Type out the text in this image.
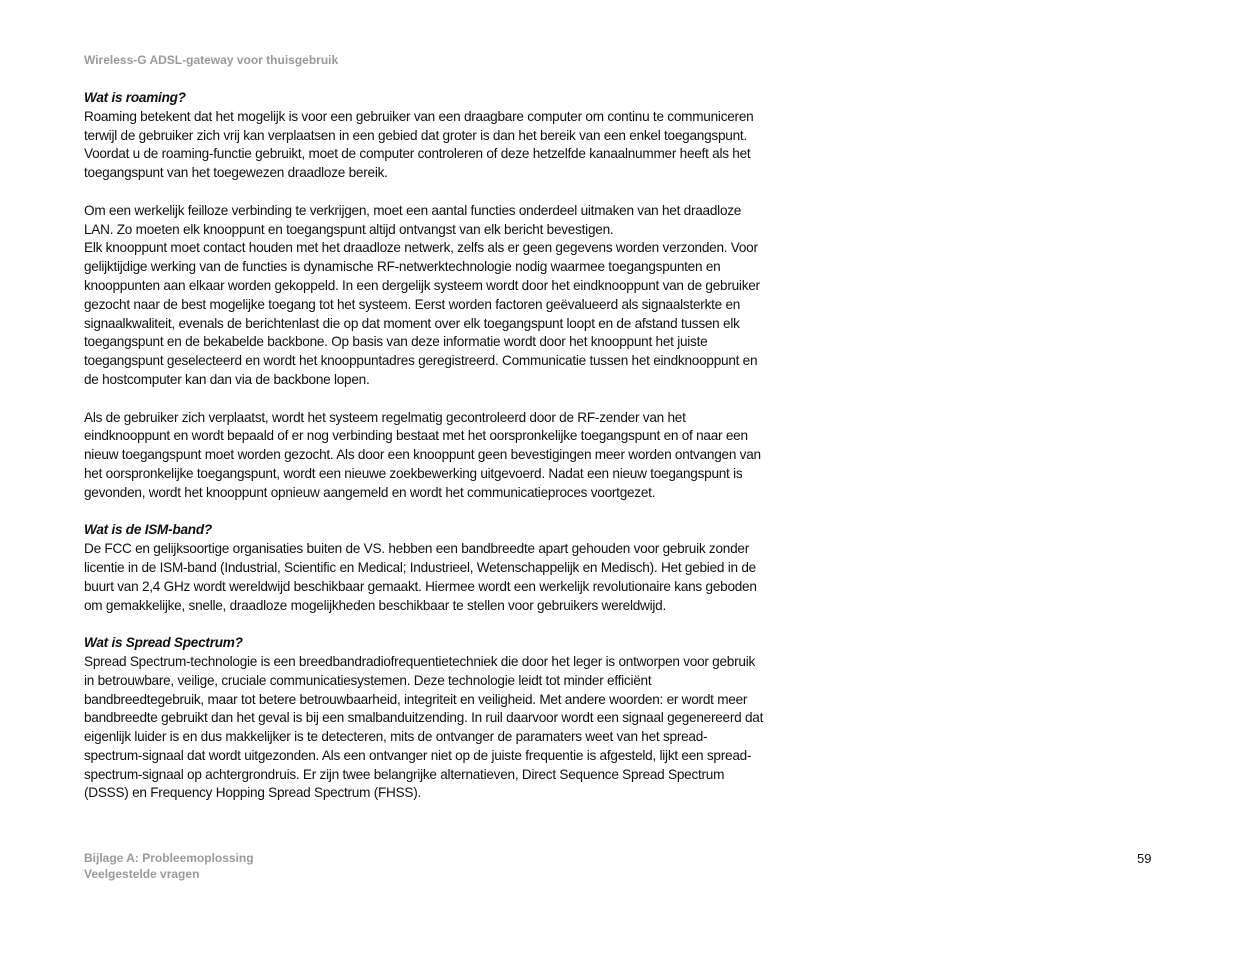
Wireless-G ADSL-gateway voor thuisgebruik

Wat is roaming?

Roaming betekent dat het mogelijk is voor een gebruiker van een draagbare computer om continu te communiceren terwijl de gebruiker zich vrij kan verplaatsen in een gebied dat groter is dan het bereik van een enkel toegangspunt. Voordat u de roaming-functie gebruikt, moet de computer controleren of deze hetzelfde kanaalnummer heeft als het toegangspunt van het toegewezen draadloze bereik.

Om een werkelijk feilloze verbinding te verkrijgen, moet een aantal functies onderdeel uitmaken van het draadloze LAN. Zo moeten elk knooppunt en toegangspunt altijd ontvangst van elk bericht bevestigen.

Elk knooppunt moet contact houden met het draadloze netwerk, zelfs als er geen gegevens worden verzonden. Voor gelijktijdige werking van de functies is dynamische RF-netwerktechnologie nodig waarmee toegangspunten en knooppunten aan elkaar worden gekoppeld. In een dergelijk systeem wordt door het eindknooppunt van de gebruiker gezocht naar de best mogelijke toegang tot het systeem. Eerst worden factoren geëvalueerd als signaalsterkte en signaalkwaliteit, evenals de berichtenlast die op dat moment over elk toegangspunt loopt en de afstand tussen elk toegangspunt en de bekabelde backbone. Op basis van deze informatie wordt door het knooppunt het juiste toegangspunt geselecteerd en wordt het knooppuntadres geregistreerd. Communicatie tussen het eindknooppunt en de hostcomputer kan dan via de backbone lopen.

Als de gebruiker zich verplaatst, wordt het systeem regelmatig gecontroleerd door de RF-zender van het eindknooppunt en wordt bepaald of er nog verbinding bestaat met het oorspronkelijke toegangspunt en of naar een nieuw toegangspunt moet worden gezocht. Als door een knooppunt geen bevestigingen meer worden ontvangen van het oorspronkelijke toegangspunt, wordt een nieuwe zoekbewerking uitgevoerd. Nadat een nieuw toegangspunt is gevonden, wordt het knooppunt opnieuw aangemeld en wordt het communicatieproces voortgezet.

Wat is de ISM-band?

De FCC en gelijksoortige organisaties buiten de VS. hebben een bandbreedte apart gehouden voor gebruik zonder licentie in de ISM-band (Industrial, Scientific en Medical; Industrieel, Wetenschappelijk en Medisch). Het gebied in de buurt van 2,4 GHz wordt wereldwijd beschikbaar gemaakt. Hiermee wordt een werkelijk revolutionaire kans geboden om gemakkelijke, snelle, draadloze mogelijkheden beschikbaar te stellen voor gebruikers wereldwijd.

Wat is Spread Spectrum?

Spread Spectrum-technologie is een breedbandradiofrequentietechniek die door het leger is ontworpen voor gebruik in betrouwbare, veilige, cruciale communicatiesystemen. Deze technologie leidt tot minder efficiënt bandbreedtegebruik, maar tot betere betrouwbaarheid, integriteit en veiligheid. Met andere woorden: er wordt meer bandbreedte gebruikt dan het geval is bij een smalbanduitzending. In ruil daarvoor wordt een signaal gegenereerd dat eigenlijk luider is en dus makkelijker is te detecteren, mits de ontvanger de paramaters weet van het spread-spectrum-signaal dat wordt uitgezonden. Als een ontvanger niet op de juiste frequentie is afgesteld, lijkt een spread-spectrum-signaal op achtergrondruis. Er zijn twee belangrijke alternatieven, Direct Sequence Spread Spectrum (DSSS) en Frequency Hopping Spread Spectrum (FHSS).

Bijlage A: Probleemoplossing
Veelgestelde vragen
59
